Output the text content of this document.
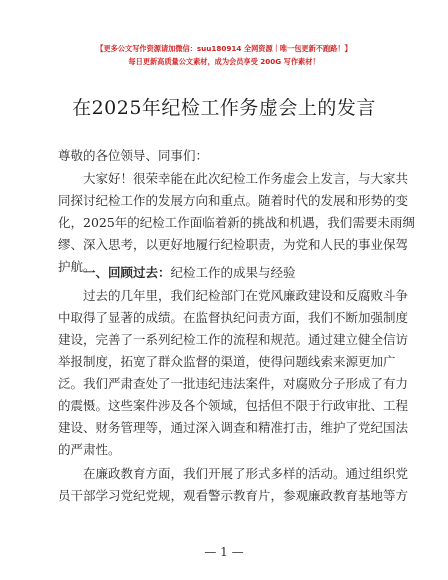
【更多公文写作资源请加微信：suu180914 全网资源｜唯一包更新不跑路！】
每日更新高质量公文素材，成为会员享受 200G 写作素材！
在2025年纪检工作务虚会上的发言
尊敬的各位领导、同事们：
大家好！很荣幸能在此次纪检工作务虚会上发言，与大家共
同探讨纪检工作的发展方向和重点。随着时代的发展和形势的变
化，2025年的纪检工作面临着新的挑战和机遇，我们需要未雨绸
缪、深入思考，以更好地履行纪检职责，为党和人民的事业保驾
护航。
一、回顾过去：纪检工作的成果与经验
过去的几年里，我们纪检部门在党风廉政建设和反腐败斗争
中取得了显著的成绩。在监督执纪问责方面，我们不断加强制度
建设，完善了一系列纪检工作的流程和规范。通过建立健全信访
举报制度，拓宽了群众监督的渠道，使得问题线索来源更加广
泛。我们严肃查处了一批违纪违法案件，对腐败分子形成了有力
的震慑。这些案件涉及各个领域，包括但不限于行政审批、工程
建设、财务管理等，通过深入调查和精准打击，维护了党纪国法
的严肃性。
在廉政教育方面，我们开展了形式多样的活动。通过组织党
员干部学习党纪党规，观看警示教育片，参观廉政教育基地等方
— 1 —
